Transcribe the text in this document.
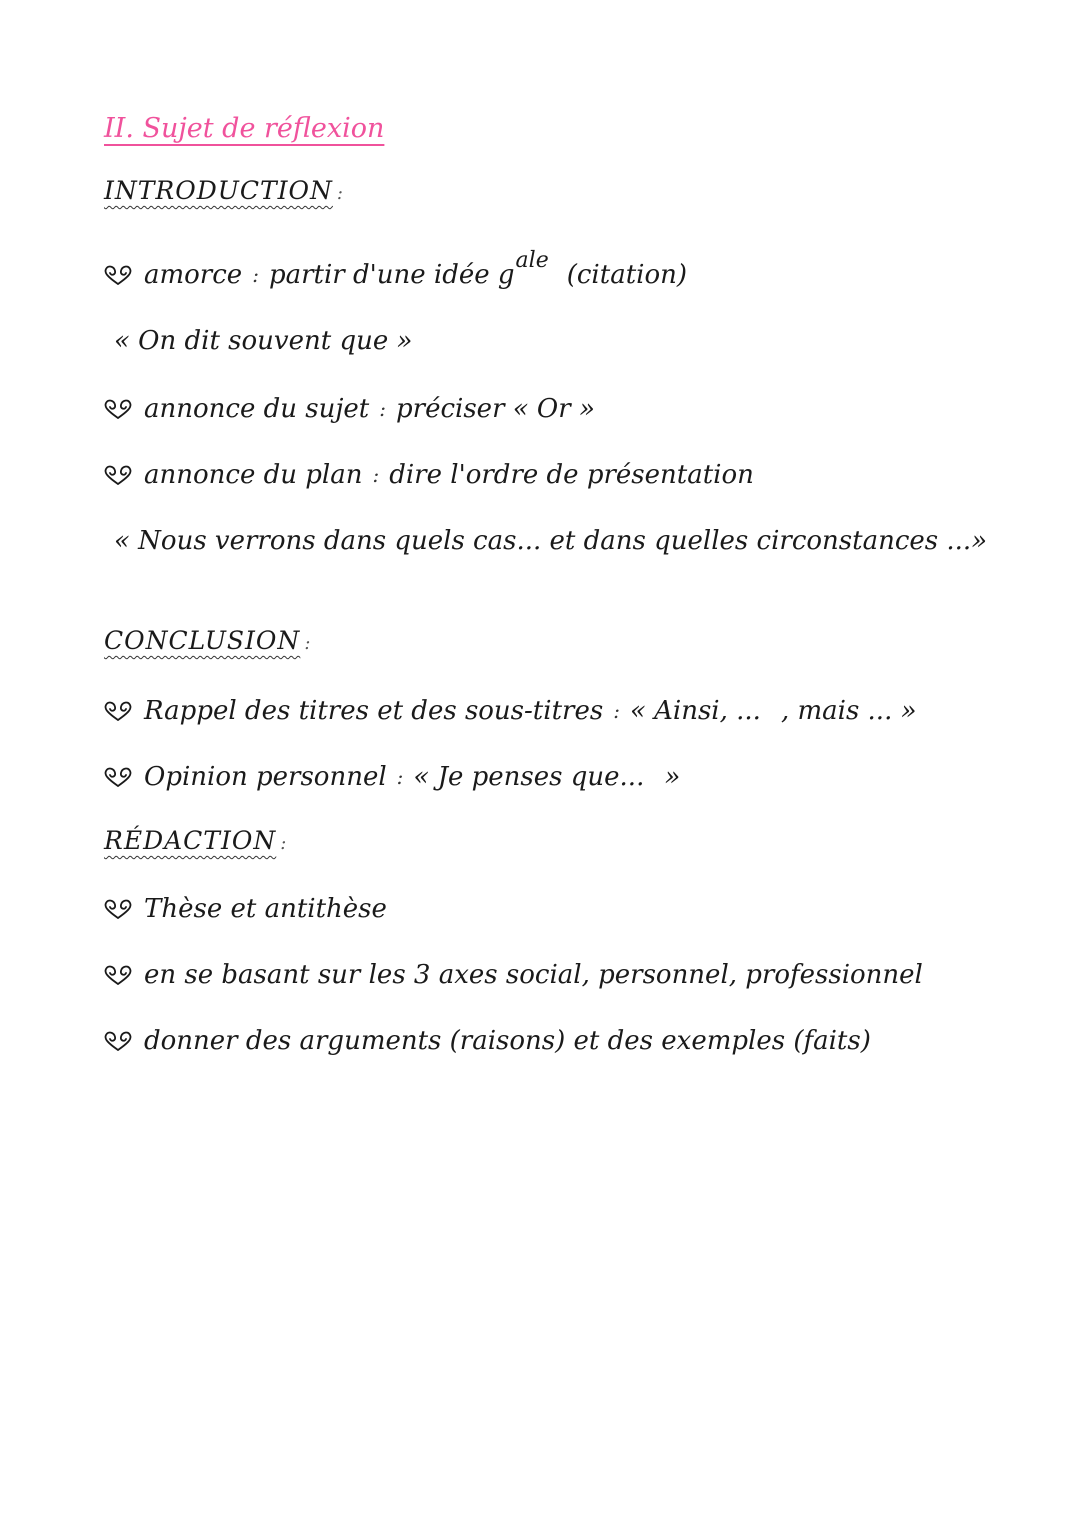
II. Sujet de réflexion
INTRODUCTION :
amorce : partir d'une idée g ale (citation)
« On dit souvent que »
annonce du sujet : préciser « Or »
annonce du plan : dire l'ordre de présentation
« Nous verrons dans quels cas... et dans quelles circonstances ...»
CONCLUSION :
Rappel des titres et des sous-titres : « Ainsi, ... , mais ... »
Opinion personnel : « Je penses que... »
RÉDACTION :
Thèse et antithèse
en se basant sur les 3 axes social, personnel, professionnel
donner des arguments (raisons) et des exemples (faits)
